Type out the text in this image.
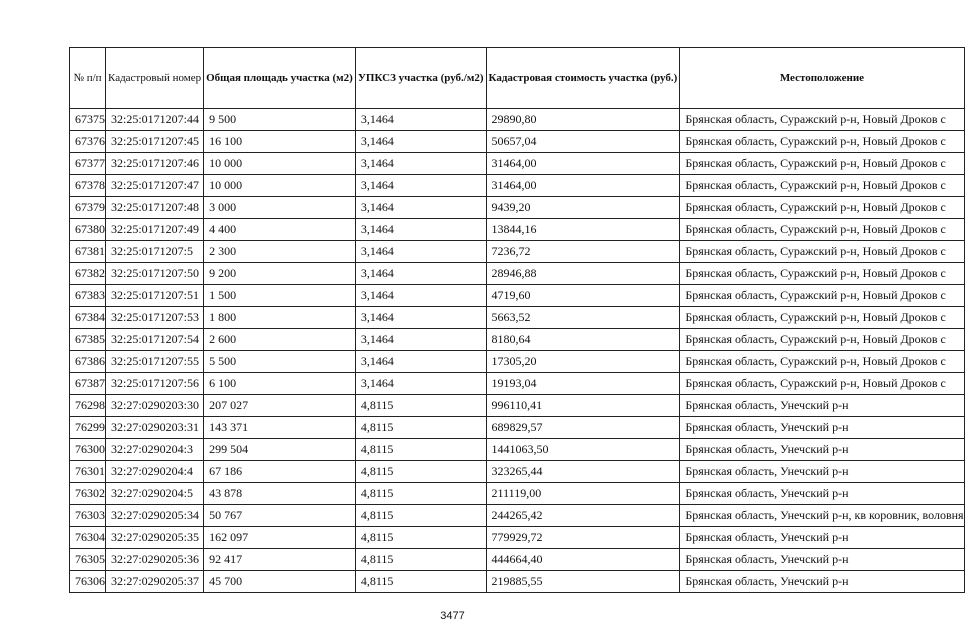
№ п/п	Кадастровый номер	Общая площадь участка (м2)	УПКСЗ участка (руб./м2)	Кадастровая стоимость участка (руб.)	Местоположение
67375	32:25:0171207:44	9 500	3,1464	29890,80	Брянская область, Суражский р-н, Новый Дроков с
67376	32:25:0171207:45	16 100	3,1464	50657,04	Брянская область, Суражский р-н, Новый Дроков с
67377	32:25:0171207:46	10 000	3,1464	31464,00	Брянская область, Суражский р-н, Новый Дроков с
67378	32:25:0171207:47	10 000	3,1464	31464,00	Брянская область, Суражский р-н, Новый Дроков с
67379	32:25:0171207:48	3 000	3,1464	9439,20	Брянская область, Суражский р-н, Новый Дроков с
67380	32:25:0171207:49	4 400	3,1464	13844,16	Брянская область, Суражский р-н, Новый Дроков с
67381	32:25:0171207:5	2 300	3,1464	7236,72	Брянская область, Суражский р-н, Новый Дроков с
67382	32:25:0171207:50	9 200	3,1464	28946,88	Брянская область, Суражский р-н, Новый Дроков с
67383	32:25:0171207:51	1 500	3,1464	4719,60	Брянская область, Суражский р-н, Новый Дроков с
67384	32:25:0171207:53	1 800	3,1464	5663,52	Брянская область, Суражский р-н, Новый Дроков с
67385	32:25:0171207:54	2 600	3,1464	8180,64	Брянская область, Суражский р-н, Новый Дроков с
67386	32:25:0171207:55	5 500	3,1464	17305,20	Брянская область, Суражский р-н, Новый Дроков с
67387	32:25:0171207:56	6 100	3,1464	19193,04	Брянская область, Суражский р-н, Новый Дроков с
76298	32:27:0290203:30	207 027	4,8115	996110,41	Брянская область, Унечский р-н
76299	32:27:0290203:31	143 371	4,8115	689829,57	Брянская область, Унечский р-н
76300	32:27:0290204:3	299 504	4,8115	1441063,50	Брянская область, Унечский р-н
76301	32:27:0290204:4	67 186	4,8115	323265,44	Брянская область, Унечский р-н
76302	32:27:0290204:5	43 878	4,8115	211119,00	Брянская область, Унечский р-н
76303	32:27:0290205:34	50 767	4,8115	244265,42	Брянская область, Унечский р-н, кв коровник, воловня
76304	32:27:0290205:35	162 097	4,8115	779929,72	Брянская область, Унечский р-н
76305	32:27:0290205:36	92 417	4,8115	444664,40	Брянская область, Унечский р-н
76306	32:27:0290205:37	45 700	4,8115	219885,55	Брянская область, Унечский р-н
3477
